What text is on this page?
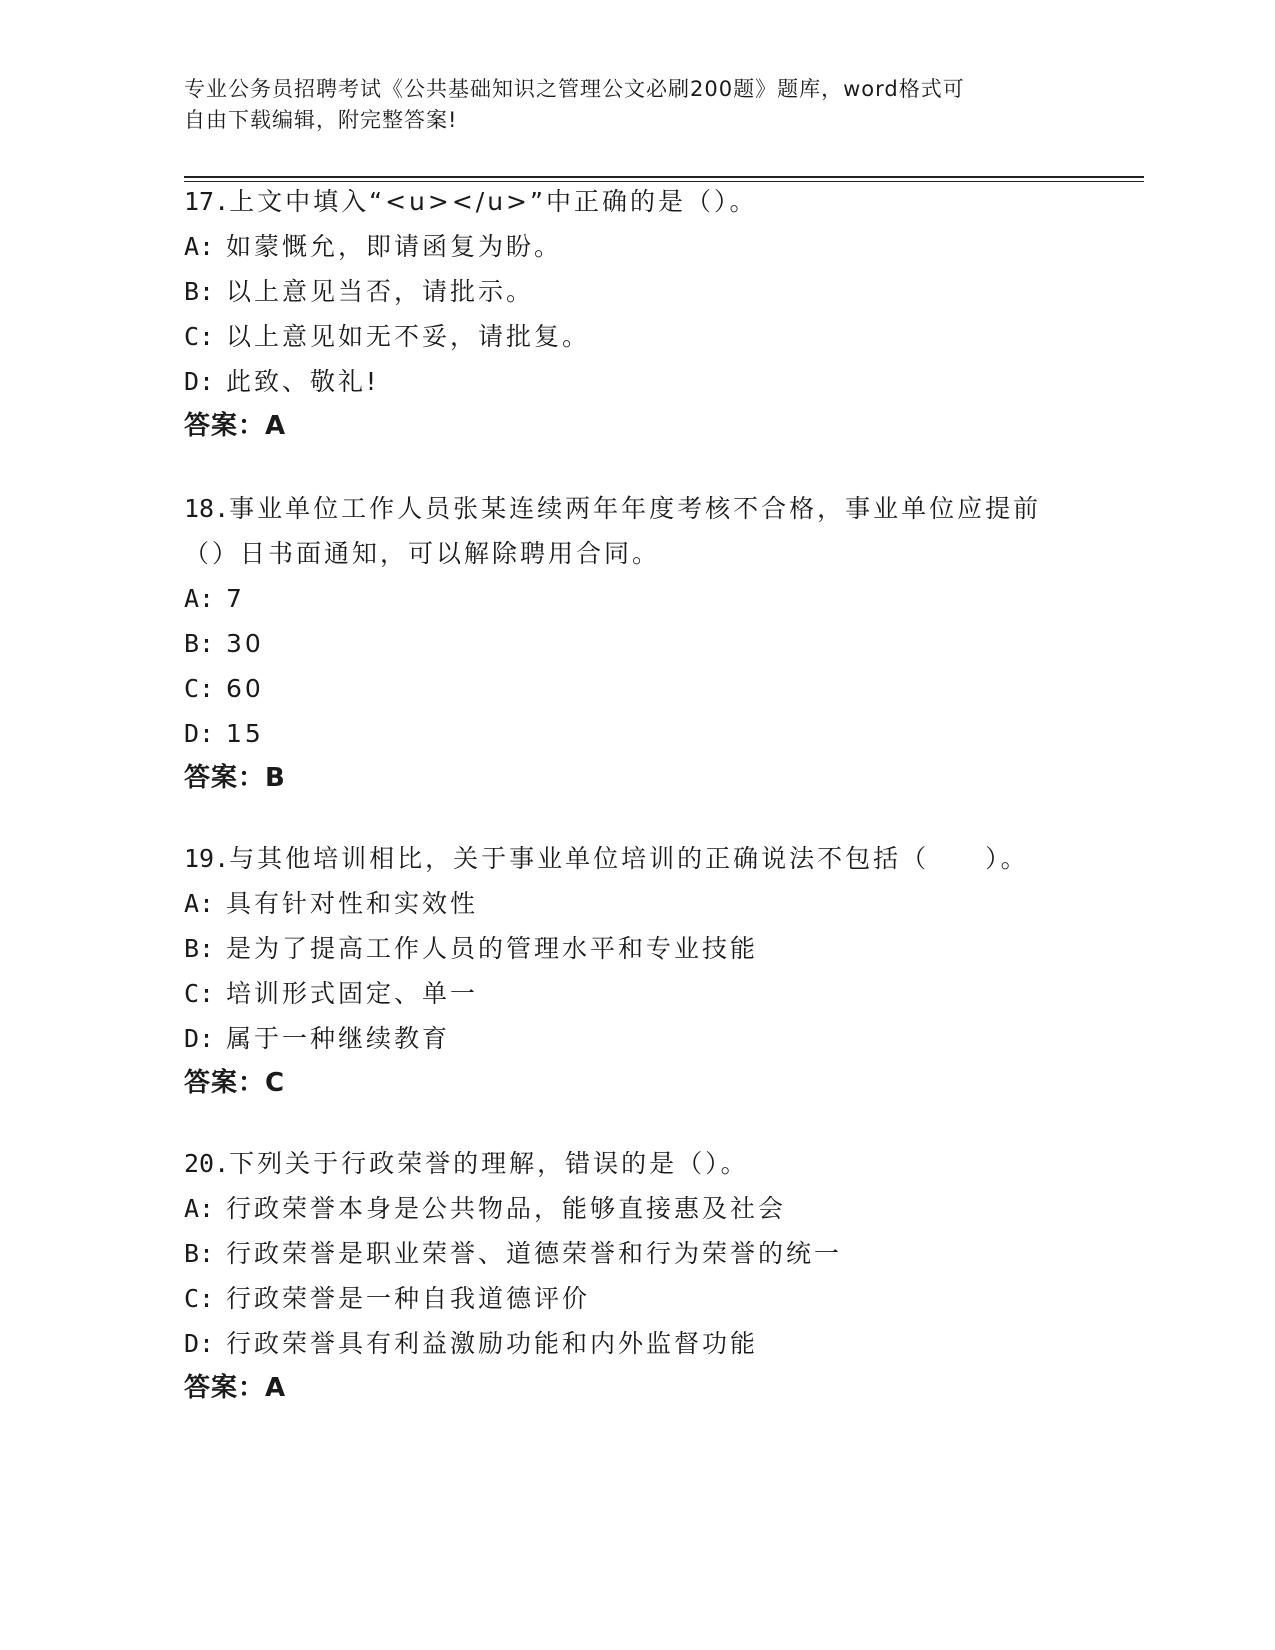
专业公务员招聘考试《公共基础知识之管理公文必刷200题》题库，word格式可
自由下载编辑，附完整答案!

17.上文中填入“<u></u>”中正确的是（）。

A: 如蒙慨允，即请函复为盼。
B: 以上意见当否，请批示。
C: 以上意见如无不妥，请批复。
D: 此致、敬礼!
答案：A

18.事业单位工作人员张某连续两年年度考核不合格，事业单位应提前（）日书面通知，可以解除聘用合同。

A: 7
B: 30
C: 60
D: 15
答案：B

19.与其他培训相比，关于事业单位培训的正确说法不包括（　　）。

A: 具有针对性和实效性
B: 是为了提高工作人员的管理水平和专业技能
C: 培训形式固定、单一
D: 属于一种继续教育
答案：C

20.下列关于行政荣誉的理解，错误的是（）。

A: 行政荣誉本身是公共物品，能够直接惠及社会
B: 行政荣誉是职业荣誉、道德荣誉和行为荣誉的统一
C: 行政荣誉是一种自我道德评价
D: 行政荣誉具有利益激励功能和内外监督功能
答案：A
